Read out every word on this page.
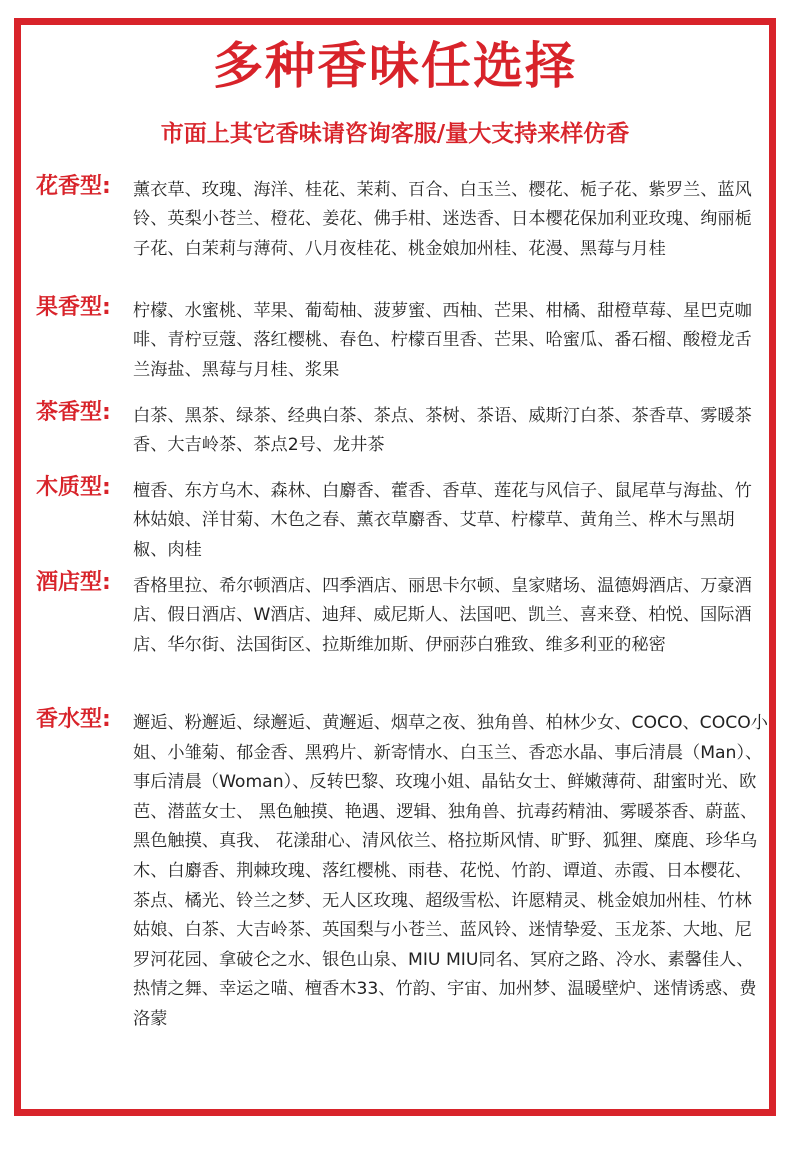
多种香味任选择
市面上其它香味请咨询客服/量大支持来样仿香
花香型: 薰衣草、玫瑰、海洋、桂花、茉莉、百合、白玉兰、樱花、栀子花、紫罗兰、蓝风铃、英梨小苍兰、橙花、姜花、佛手柑、迷迭香、日本樱花保加利亚玫瑰、绚丽栀子花、白茉莉与薄荷、八月夜桂花、桃金娘加州桂、花漫、黑莓与月桂
果香型: 柠檬、水蜜桃、苹果、葡萄柚、菠萝蜜、西柚、芒果、柑橘、甜橙草莓、星巴克咖啡、青柠豆蔻、落红樱桃、春色、柠檬百里香、芒果、哈蜜瓜、番石榴、酸橙龙舌兰海盐、黑莓与月桂、浆果
茶香型: 白茶、黑茶、绿茶、经典白茶、茶点、茶树、茶语、威斯汀白茶、茶香草、雾暖茶香、大吉岭茶、茶点2号、龙井茶
木质型: 檀香、东方乌木、森林、白麝香、藿香、香草、莲花与风信子、鼠尾草与海盐、竹林姑娘、洋甘菊、木色之春、薰衣草麝香、艾草、柠檬草、黄角兰、桦木与黑胡椒、肉桂
酒店型: 香格里拉、希尔顿酒店、四季酒店、丽思卡尔顿、皇家赌场、温德姆酒店、万豪酒店、假日酒店、W酒店、迪拜、威尼斯人、法国吧、凯兰、喜来登、柏悦、国际酒店、华尔街、法国街区、拉斯维加斯、伊丽莎白雅致、维多利亚的秘密
香水型: 邂逅、粉邂逅、绿邂逅、黄邂逅、烟草之夜、独角兽、柏林少女、COCO、COCO小姐、小雏菊、郁金香、黑鸦片、新寄情水、白玉兰、香恋水晶、事后清晨（Man）、事后清晨（Woman）、反转巴黎、玫瑰小姐、晶钻女士、鲜嫩薄荷、甜蜜时光、欧芭、潜蓝女士、 黑色触摸、艳遇、逻辑、独角兽、抗毒药精油、雾暖茶香、蔚蓝、黑色触摸、真我、 花漾甜心、清风依兰、格拉斯风情、旷野、狐狸、糜鹿、珍华乌木、白麝香、荆棘玫瑰、落红樱桃、雨巷、花悦、竹韵、谭道、赤霞、日本樱花、茶点、橘光、铃兰之梦、无人区玫瑰、超级雪松、许愿精灵、桃金娘加州桂、竹林姑娘、白茶、大吉岭茶、英国梨与小苍兰、蓝风铃、迷情挚爱、玉龙茶、大地、尼罗河花园、拿破仑之水、银色山泉、MIU MIU同名、冥府之路、冷水、素馨佳人、热情之舞、幸运之喵、檀香木33、竹韵、宇宙、加州梦、温暖壁炉、迷情诱惑、费洛蒙
